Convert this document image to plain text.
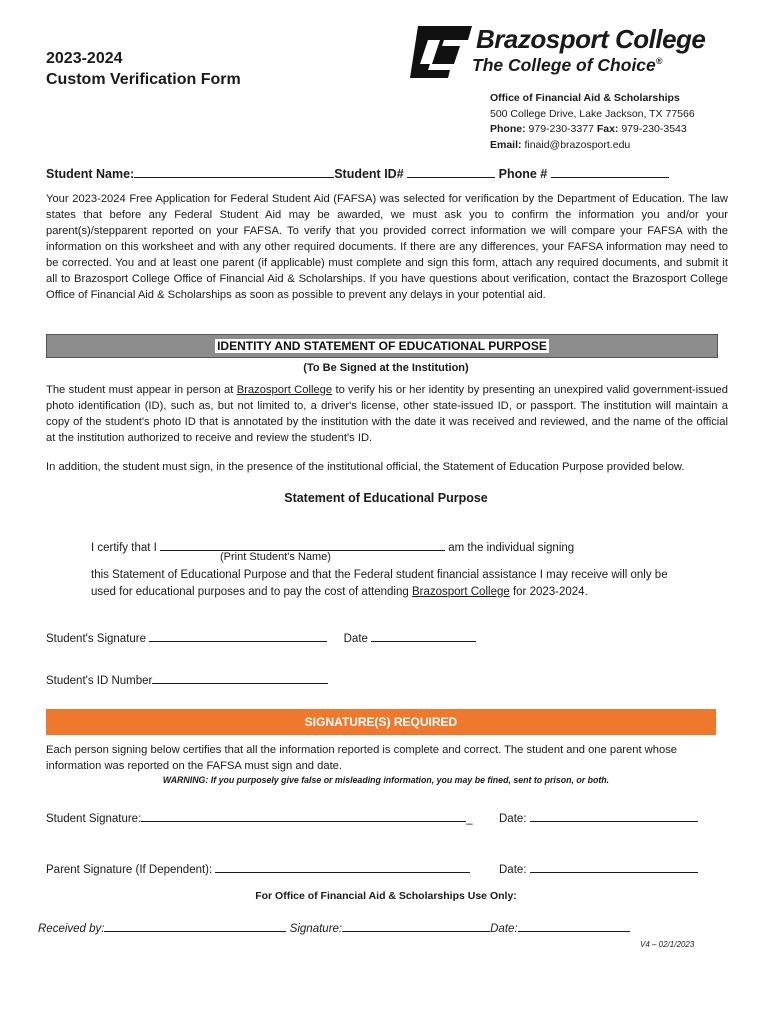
2023-2024
Custom Verification Form
Brazosport College
The College of Choice®
Office of Financial Aid & Scholarships
500 College Drive, Lake Jackson, TX 77566
Phone: 979-230-3377 Fax: 979-230-3543
Email: finaid@brazosport.edu
Student Name:	Student ID#	Phone #
Your 2023-2024 Free Application for Federal Student Aid (FAFSA) was selected for verification by the Department of Education. The law states that before any Federal Student Aid may be awarded, we must ask you to confirm the information you and/or your parent(s)/stepparent reported on your FAFSA. To verify that you provided correct information we will compare your FAFSA with the information on this worksheet and with any other required documents. If there are any differences, your FAFSA information may need to be corrected. You and at least one parent (if applicable) must complete and sign this form, attach any required documents, and submit it all to Brazosport College Office of Financial Aid & Scholarships. If you have questions about verification, contact the Brazosport College Office of Financial Aid & Scholarships as soon as possible to prevent any delays in your potential aid.
IDENTITY AND STATEMENT OF EDUCATIONAL PURPOSE
(To Be Signed at the Institution)
The student must appear in person at Brazosport College to verify his or her identity by presenting an unexpired valid government-issued photo identification (ID), such as, but not limited to, a driver's license, other state-issued ID, or passport. The institution will maintain a copy of the student's photo ID that is annotated by the institution with the date it was received and reviewed, and the name of the official at the institution authorized to receive and review the student's ID.
In addition, the student must sign, in the presence of the institutional official, the Statement of Education Purpose provided below.
Statement of Educational Purpose
I certify that I	am the individual signing
(Print Student's Name)
this Statement of Educational Purpose and that the Federal student financial assistance I may receive will only be
used for educational purposes and to pay the cost of attending Brazosport College for 2023-2024.
Student's Signature	Date
Student's ID Number
SIGNATURE(S) REQUIRED
Each person signing below certifies that all the information reported is complete and correct. The student and one parent whose information was reported on the FAFSA must sign and date.
WARNING: If you purposely give false or misleading information, you may be fined, sent to prison, or both.
Student Signature:	_ Date:
Parent Signature (If Dependent):	Date:
For Office of Financial Aid & Scholarships Use Only:
Received by:	Signature:	Date:
V4 – 02/1/2023
